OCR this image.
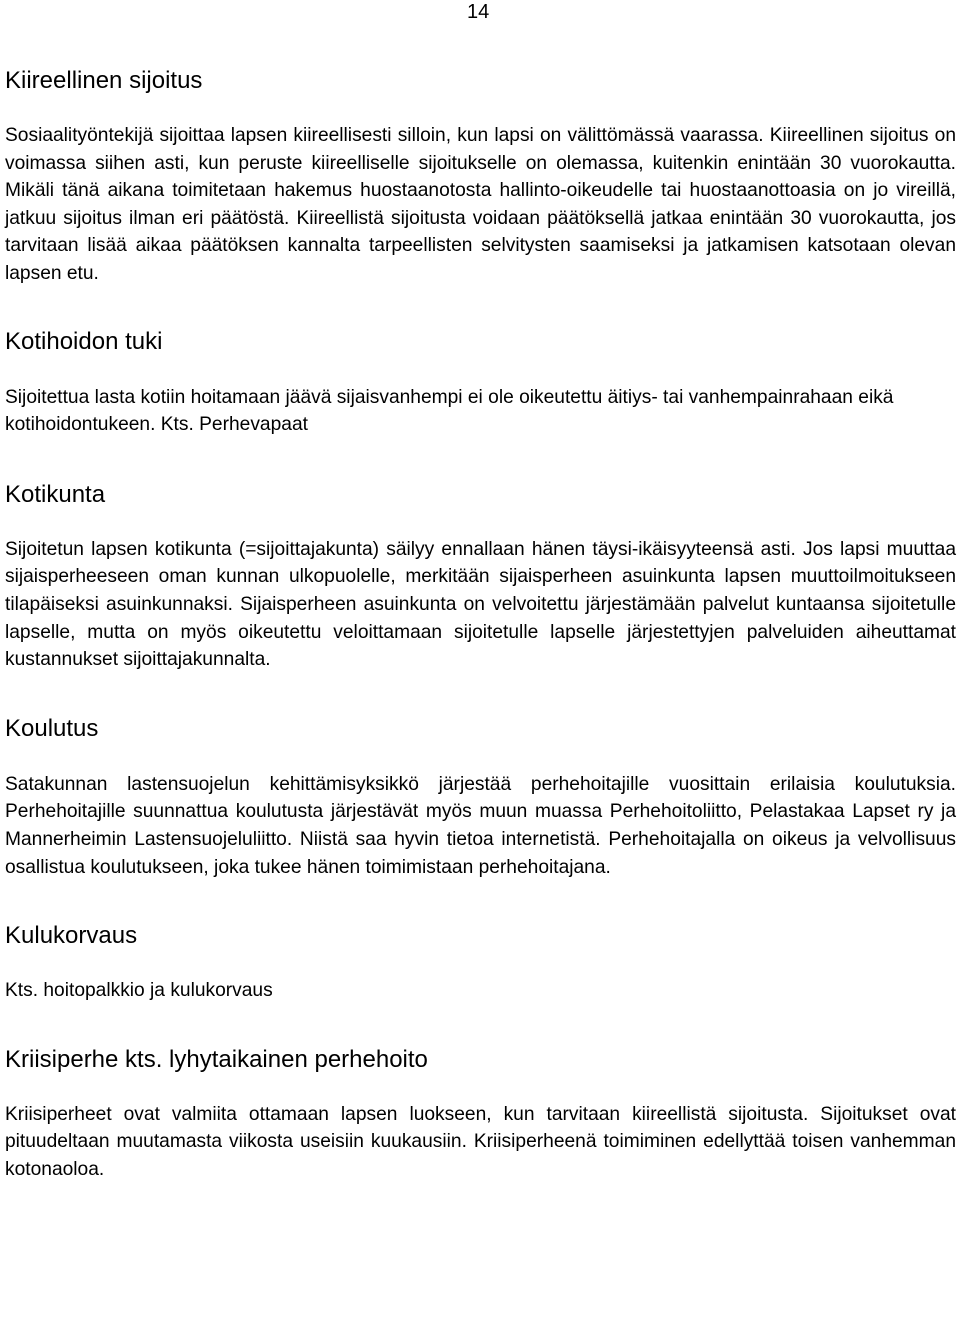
14
Kiireellinen sijoitus

Sosiaalityöntekijä sijoittaa lapsen kiireellisesti silloin, kun lapsi on välittömässä vaarassa. Kiireellinen sijoitus on voimassa siihen asti, kun peruste kiireelliselle sijoitukselle on olemassa, kuitenkin enintään 30 vuorokautta. Mikäli tänä aikana toimitetaan hakemus huostaanotosta hallinto-oikeudelle tai huostaanottoasia on jo vireillä, jatkuu sijoitus ilman eri päätöstä. Kiireellistä sijoitusta voidaan päätöksellä jatkaa enintään 30 vuorokautta, jos tarvitaan lisää aikaa päätöksen kannalta tarpeellisten selvitysten saamiseksi ja jatkamisen katsotaan olevan lapsen etu.

Kotihoidon tuki

Sijoitettua lasta kotiin hoitamaan jäävä sijaisvanhempi ei ole oikeutettu äitiys- tai vanhempainrahaan eikä kotihoidontukeen. Kts. Perhevapaat

Kotikunta

Sijoitetun lapsen kotikunta (=sijoittajakunta) säilyy ennallaan hänen täysi-ikäisyyteensä asti. Jos lapsi muuttaa sijaisperheeseen oman kunnan ulkopuolelle, merkitään sijaisperheen asuinkunta lapsen muuttoilmoitukseen tilapäiseksi asuinkunnaksi. Sijaisperheen asuinkunta on velvoitettu järjestämään palvelut kuntaansa sijoitetulle lapselle, mutta on myös oikeutettu veloittamaan sijoitetulle lapselle järjestettyjen palveluiden aiheuttamat kustannukset sijoittajakunnalta.

Koulutus

Satakunnan lastensuojelun kehittämisyksikkö järjestää perhehoitajille vuosittain erilaisia koulutuksia. Perhehoitajille suunnattua koulutusta järjestävät myös muun muassa Perhehoitoliitto, Pelastakaa Lapset ry ja Mannerheimin Lastensuojeluliitto. Niistä saa hyvin tietoa internetistä. Perhehoitajalla on oikeus ja velvollisuus osallistua koulutukseen, joka tukee hänen toimimistaan perhehoitajana.

Kulukorvaus

Kts. hoitopalkkio ja kulukorvaus

Kriisiperhe kts. lyhytaikainen perhehoito

Kriisiperheet ovat valmiita ottamaan lapsen luokseen, kun tarvitaan kiireellistä sijoitusta. Sijoitukset ovat pituudeltaan muutamasta viikosta useisiin kuukausiin. Kriisiperheenä toimiminen edellyttää toisen vanhemman kotonaoloa.
